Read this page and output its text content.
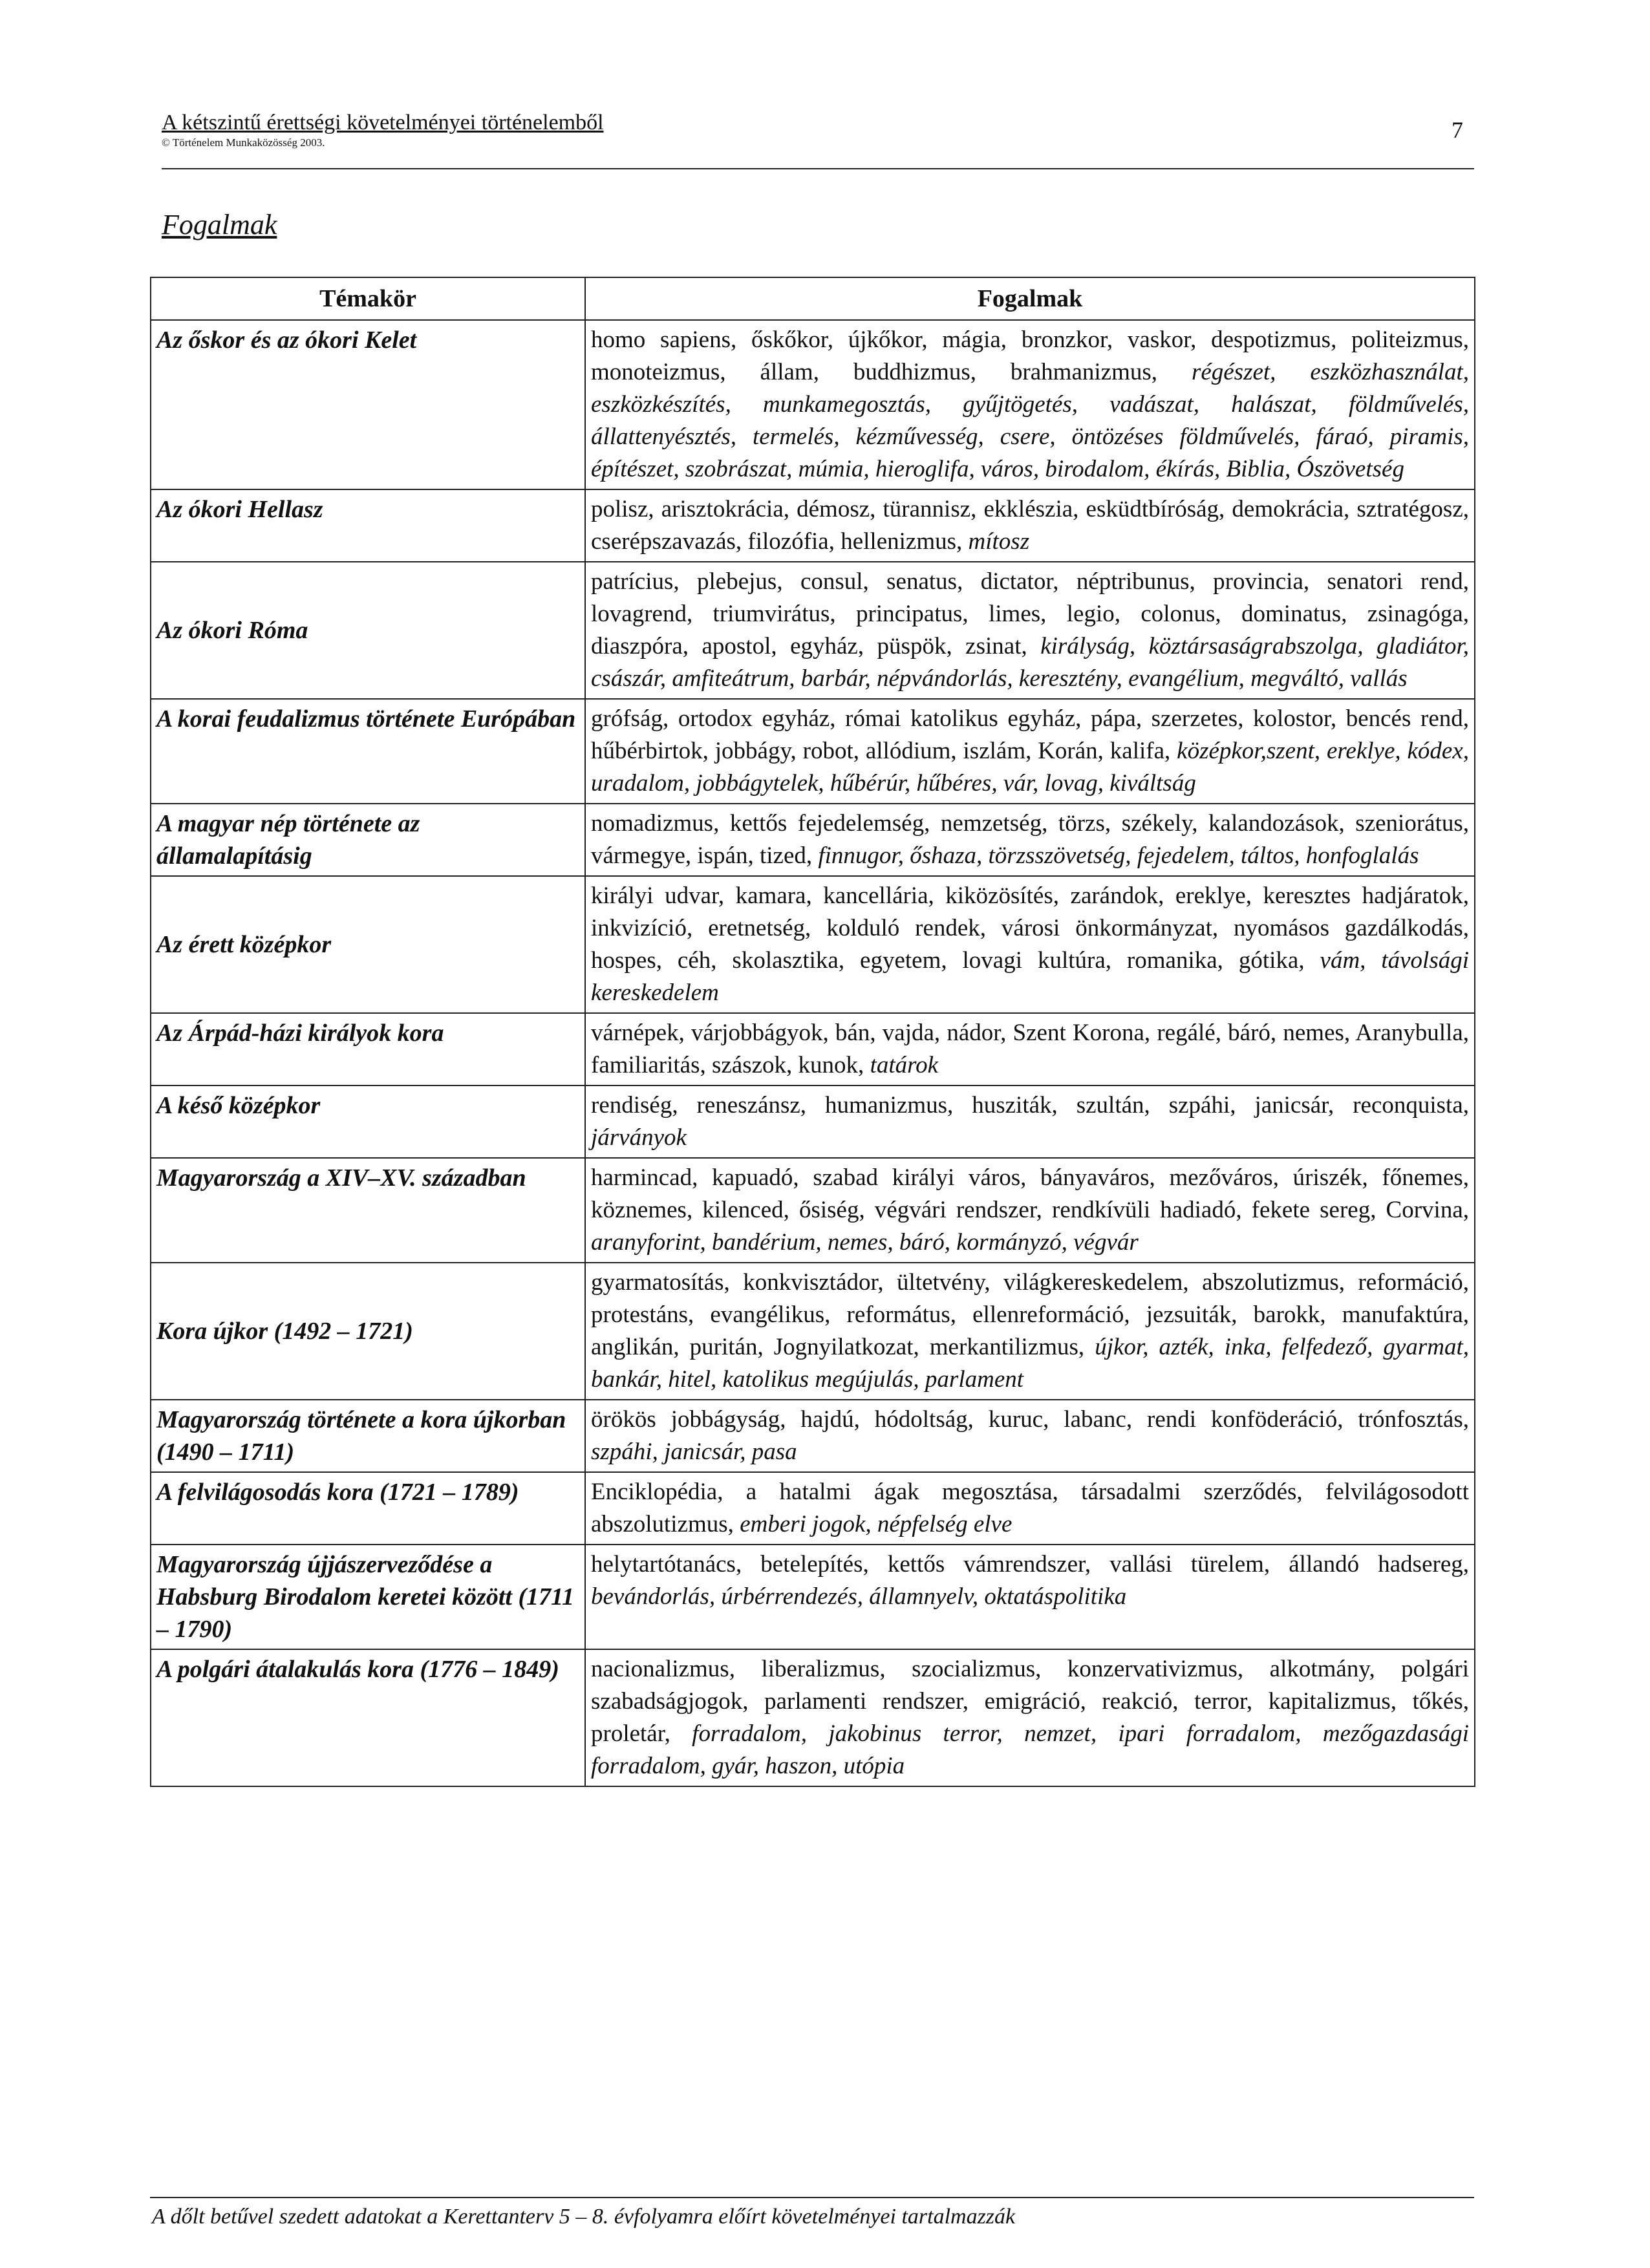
A kétszintű érettségi követelményei történelemből
© Történelem Munkaközösség 2003.	7
Fogalmak
Témakör	Fogalmak
Az őskor és az ókori Kelet	homo sapiens, őskőkor, újkőkor, mágia, bronzkor, vaskor, despotizmus, politeizmus, monoteizmus, állam, buddhizmus, brahmanizmus, régészet, eszközhasználat, eszközkészítés, munkamegosztás, gyűjtögetés, vadászat, halászat, földművelés, állattenyésztés, termelés, kézművesség, csere, öntözéses földművelés, fáraó, piramis, építészet, szobrászat, múmia, hieroglifa, város, birodalom, ékírás, Biblia, Ószövetség
Az ókori Hellasz	polisz, arisztokrácia, démosz, türannisz, ekklészia, esküdtbíróság, demokrácia, sztratégosz, cserépszavazás, filozófia, hellenizmus, mítosz
Az ókori Róma	patrícius, plebejus, consul, senatus, dictator, néptribunus, provincia, senatori rend, lovagrend, triumvirátus, principatus, limes, legio, colonus, dominatus, zsinagóga, diaszpóra, apostol, egyház, püspök, zsinat, királyság, köztársaságrabszolga, gladiátor, császár, amfiteátrum, barbár, népvándorlás, keresztény, evangélium, megváltó, vallás
A korai feudalizmus története Európában	grófság, ortodox egyház, római katolikus egyház, pápa, szerzetes, kolostor, bencés rend, hűbérbirtok, jobbágy, robot, allódium, iszlám, Korán, kalifa, középkor,szent, ereklye, kódex, uradalom, jobbágytelek, hűbérúr, hűbéres, vár, lovag, kiváltság
A magyar nép története az államalapításig	nomadizmus, kettős fejedelemség, nemzetség, törzs, székely, kalandozások, szeniorátus, vármegye, ispán, tized, finnugor, őshaza, törzsszövetség, fejedelem, táltos, honfoglalás
Az érett középkor	királyi udvar, kamara, kancellária, kiközösítés, zarándok, ereklye, keresztes hadjáratok, inkvizíció, eretnetség, kolduló rendek, városi önkormányzat, nyomásos gazdálkodás, hospes, céh, skolasztika, egyetem, lovagi kultúra, romanika, gótika, vám, távolsági kereskedelem
Az Árpád-házi királyok kora	várnépek, várjobbágyok, bán, vajda, nádor, Szent Korona, regálé, báró, nemes, Aranybulla, familiaritás, szászok, kunok, tatárok
A késő középkor	rendiség, reneszánsz, humanizmus, husziták, szultán, szpáhi, janicsár, reconquista, járványok
Magyarország a XIV–XV. században	harmincad, kapuadó, szabad királyi város, bányaváros, mezőváros, úriszék, főnemes, köznemes, kilenced, ősiség, végvári rendszer, rendkívüli hadiadó, fekete sereg, Corvina, aranyforint, bandérium, nemes, báró, kormányzó, végvár
Kora újkor (1492 – 1721)	gyarmatosítás, konkvisztádor, ültetvény, világkereskedelem, abszolutizmus, reformáció, protestáns, evangélikus, református, ellenreformáció, jezsuiták, barokk, manufaktúra, anglikán, puritán, Jognyilatkozat, merkantilizmus, újkor, azték, inka, felfedező, gyarmat, bankár, hitel, katolikus megújulás, parlament
Magyarország története a kora újkorban (1490 – 1711)	örökös jobbágyság, hajdú, hódoltság, kuruc, labanc, rendi konföderáció, trónfosztás, szpáhi, janicsár, pasa
A felvilágosodás kora (1721 – 1789)	Enciklopédia, a hatalmi ágak megosztása, társadalmi szerződés, felvilágosodott abszolutizmus, emberi jogok, népfelség elve
Magyarország újjászerveződése a Habsburg Birodalom keretei között (1711 – 1790)	helytartótanács, betelepítés, kettős vámrendszer, vallási türelem, állandó hadsereg, bevándorlás, úrbérrendezés, államnyelv, oktatáspolitika
A polgári átalakulás kora (1776 – 1849)	nacionalizmus, liberalizmus, szocializmus, konzervativizmus, alkotmány, polgári szabadságjogok, parlamenti rendszer, emigráció, reakció, terror, kapitalizmus, tőkés, proletár, forradalom, jakobinus terror, nemzet, ipari forradalom, mezőgazdasági forradalom, gyár, haszon, utópia
A dőlt betűvel szedett adatokat a Kerettanterv 5 – 8. évfolyamra előírt követelményei tartalmazzák
